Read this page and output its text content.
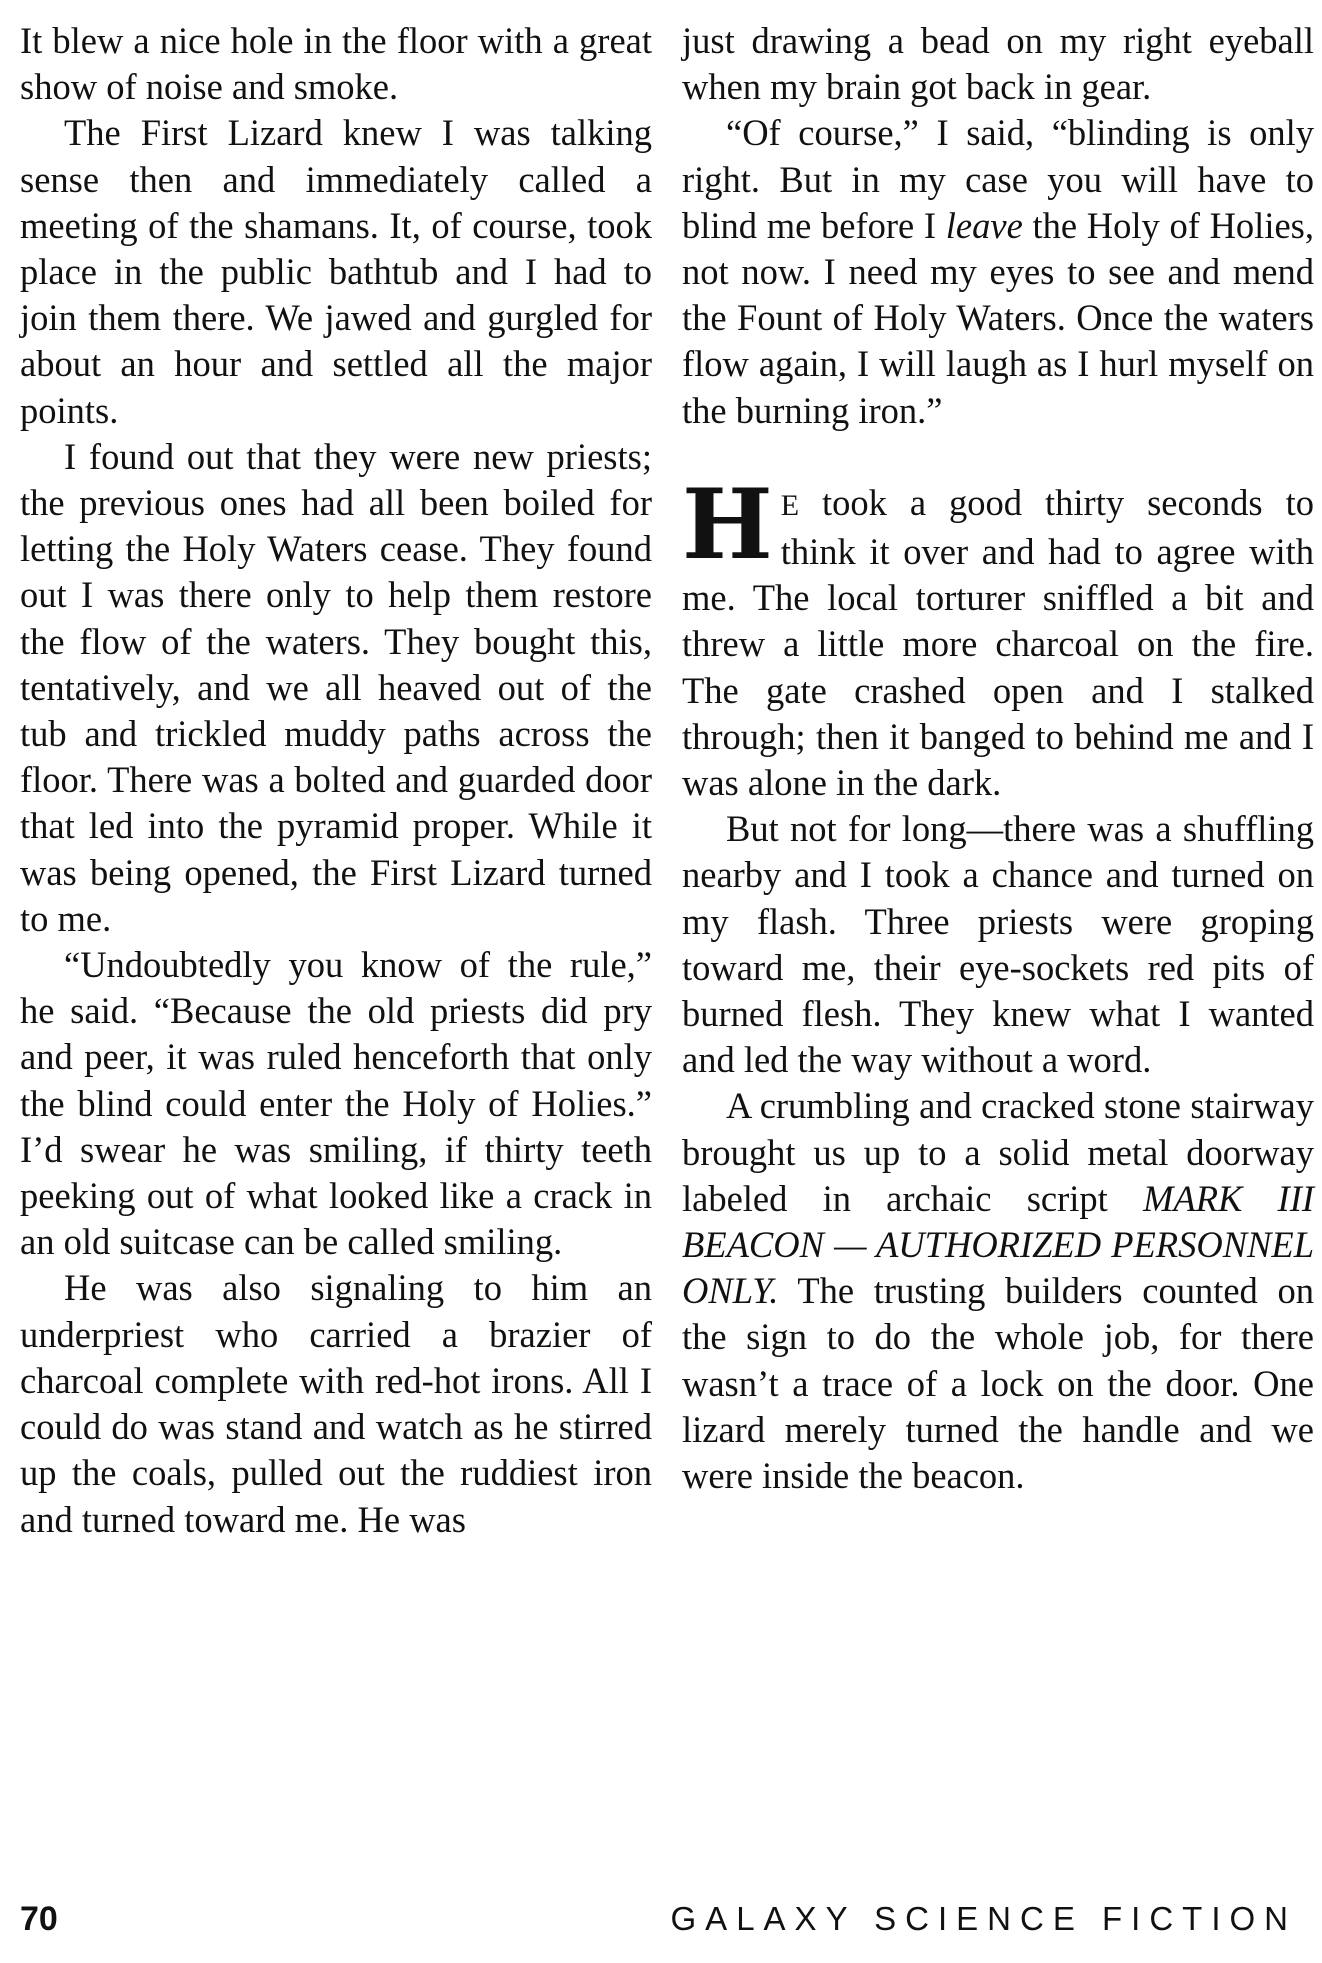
It blew a nice hole in the floor with a great show of noise and smoke.

The First Lizard knew I was talking sense then and immediately called a meeting of the shamans. It, of course, took place in the public bathtub and I had to join them there. We jawed and gurgled for about an hour and settled all the major points.

I found out that they were new priests; the previous ones had all been boiled for letting the Holy Waters cease. They found out I was there only to help them restore the flow of the waters. They bought this, tentatively, and we all heaved out of the tub and trickled muddy paths across the floor. There was a bolted and guarded door that led into the pyramid proper. While it was being opened, the First Lizard turned to me.

“Undoubtedly you know of the rule,” he said. “Because the old priests did pry and peer, it was ruled henceforth that only the blind could enter the Holy of Holies.” I’d swear he was smiling, if thirty teeth peeking out of what looked like a crack in an old suitcase can be called smiling.

He was also signaling to him an underpriest who carried a brazier of charcoal complete with red-hot irons. All I could do was stand and watch as he stirred up the coals, pulled out the ruddiest iron and turned toward me. He was

just drawing a bead on my right eyeball when my brain got back in gear.

“Of course,” I said, “blinding is only right. But in my case you will have to blind me before I leave the Holy of Holies, not now. I need my eyes to see and mend the Fount of Holy Waters. Once the waters flow again, I will laugh as I hurl myself on the burning iron.”

HE took a good thirty seconds to think it over and had to agree with me. The local torturer sniffled a bit and threw a little more charcoal on the fire. The gate crashed open and I stalked through; then it banged to behind me and I was alone in the dark.

But not for long—there was a shuffling nearby and I took a chance and turned on my flash. Three priests were groping toward me, their eye-sockets red pits of burned flesh. They knew what I wanted and led the way without a word.

A crumbling and cracked stone stairway brought us up to a solid metal doorway labeled in archaic script MARK III BEACON — AUTHORIZED PERSONNEL ONLY. The trusting builders counted on the sign to do the whole job, for there wasn’t a trace of a lock on the door. One lizard merely turned the handle and we were inside the beacon.

70	GALAXY SCIENCE FICTION
